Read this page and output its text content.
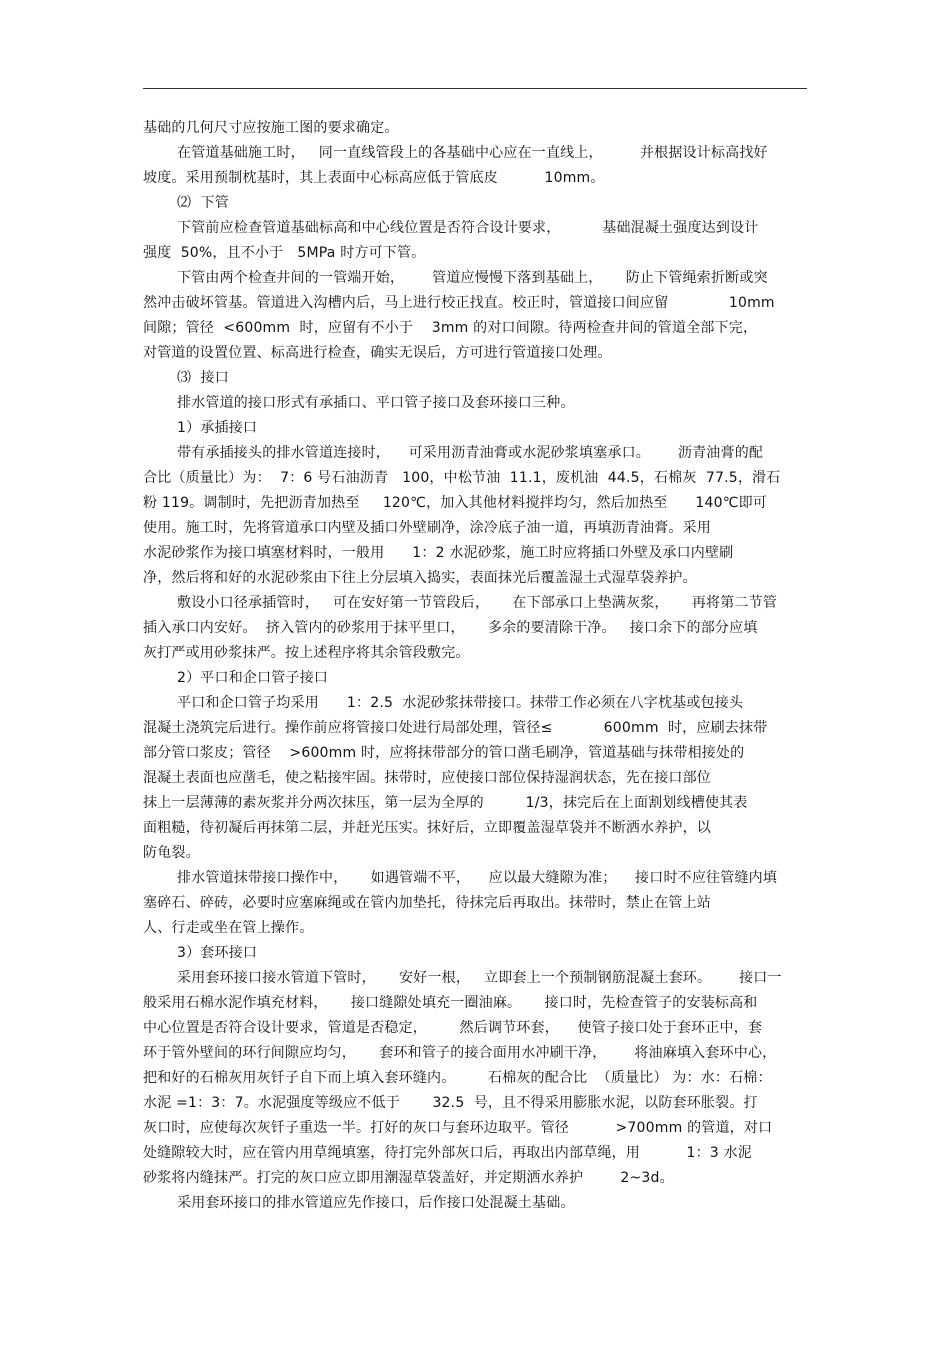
基础的几何尺寸应按施工图的要求确定。
在管道基础施工时，   同一直线管段上的各基础中心应在一直线上，        并根据设计标高找好
坡度。采用预制枕基时，其上表面中心标高应低于管底皮          10mm。
⑵  下管
下管前应检查管道基础标高和中心线位置是否符合设计要求，         基础混凝土强度达到设计
强度  50%，且不小于   5MPa 时方可下管。
下管由两个检查井间的一管端开始，      管道应慢慢下落到基础上，     防止下管绳索折断或突
然冲击破坏管基。管道进入沟槽内后，马上进行校正找直。校正时，管道接口间应留             10mm
间隙；管径  <600mm  时，应留有不小于    3mm 的对口间隙。待两检查井间的管道全部下完，
对管道的设置位置、标高进行检查，确实无误后，方可进行管道接口处理。
⑶  接口
排水管道的接口形式有承插口、平口管子接口及套环接口三种。
1）承插接口
带有承插接头的排水管道连接时，    可采用沥青油膏或水泥砂浆填塞承口。      沥青油膏的配
合比（质量比）为：  7：6 号石油沥青   100，中松节油  11.1，废机油  44.5，石棉灰  77.5，滑石
粉 119。调制时，先把沥青加热至     120℃，加入其他材料搅拌均匀，然后加热至      140℃即可
使用。施工时，先将管道承口内壁及插口外壁刷净，涂冷底子油一道，再填沥青油膏。采用
水泥砂浆作为接口填塞材料时，一般用      1：2 水泥砂浆，施工时应将插口外壁及承口内壁刷
净，然后将和好的水泥砂浆由下往上分层填入捣实，表面抹光后覆盖湿土式湿草袋养护。
敷设小口径承插管时，   可在安好第一节管段后，     在下部承口上垫满灰浆，     再将第二节管
插入承口内安好。  挤入管内的砂浆用于抹平里口，     多余的要清除干净。   接口余下的部分应填
灰打严或用砂浆抹严。按上述程序将其余管段敷完。
2）平口和企口管子接口
平口和企口管子均采用      1：2.5  水泥砂浆抹带接口。抹带工作必须在八字枕基或包接头
混凝土浇筑完后进行。操作前应将管接口处进行局部处理，管径≤           600mm  时，应刷去抹带
部分管口浆皮；管径    >600mm 时，应将抹带部分的管口凿毛刷净，管道基础与抹带相接处的
混凝土表面也应凿毛，使之粘接牢固。抹带时，应使接口部位保持湿润状态，先在接口部位
抹上一层薄薄的素灰浆并分两次抹压，第一层为全厚的         1/3，抹完后在上面割划线槽使其表
面粗糙，待初凝后再抹第二层，并赶光压实。抹好后，立即覆盖湿草袋并不断洒水养护，以
防龟裂。
排水管道抹带接口操作中，     如遇管端不平，    应以最大缝隙为准；    接口时不应往管缝内填
塞碎石、碎砖，必要时应塞麻绳或在管内加垫托，待抹完后再取出。抹带时，禁止在管上站
人、行走或坐在管上操作。
3）套环接口
采用套环接口接水管道下管时，     安好一根，   立即套上一个预制钢筋混凝土套环。      接口一
般采用石棉水泥作填充材料，     接口缝隙处填充一圈油麻。     接口时，先检查管子的安装标高和
中心位置是否符合设计要求，管道是否稳定，       然后调节环套，    使管子接口处于套环正中，套
环于管外壁间的环行间隙应均匀，     套环和管子的接合面用水冲刷干净，      将油麻填入套环中心，
把和好的石棉灰用灰钎子自下而上填入套环缝内。       石棉灰的配合比  （质量比） 为：水：石棉：
水泥 =1：3：7。水泥强度等级应不低于       32.5  号，且不得采用膨胀水泥，以防套环胀裂。打
灰口时，应使每次灰钎子重迭一半。打好的灰口与套环边取平。管径          >700mm 的管道，对口
处缝隙较大时，应在管内用草绳填塞，待打完外部灰口后，再取出内部草绳，用          1：3 水泥
砂浆将内缝抹严。打完的灰口应立即用潮湿草袋盖好，并定期洒水养护        2~3d。
采用套环接口的排水管道应先作接口，后作接口处混凝土基础。
